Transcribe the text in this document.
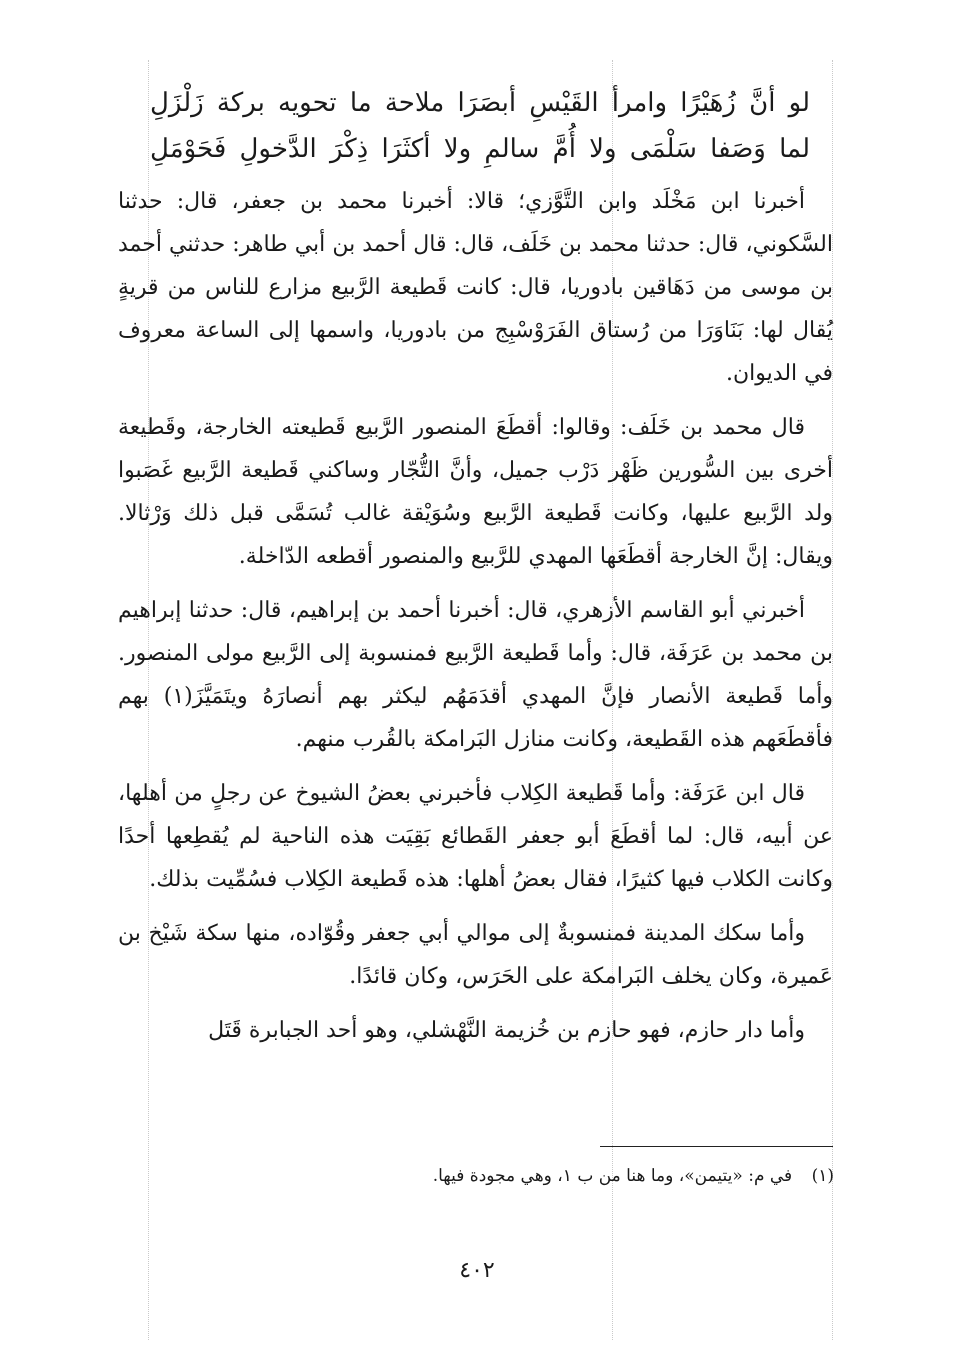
لو أنَّ زُهَيْرًا وامرأ القَيْسِ أبصَرَا ملاحة ما تحويه بركة زَلْزَلِ
لما وَصَفا سَلْمَى ولا أُمَّ سالمِ ولا أكثَرَا ذِكْرَ الدَّخولِ فَحَوْمَلِ

أخبرنا ابن مَخْلَد وابن التَّوَّزي؛ قالا: أخبرنا محمد بن جعفر، قال: حدثنا السَّكوني، قال: حدثنا محمد بن خَلَف، قال: قال أحمد بن أبي طاهر: حدثني أحمد بن موسى من دَهَاقين بادوريا، قال: كانت قَطيعة الرَّبيع مزارع للناس من قريةٍ يُقال لها: بَنَاوَرَا من رُستاق الفَرَوْسْبِج من بادوريا، واسمها إلى الساعة معروف في الديوان.

قال محمد بن خَلَف: وقالوا: أقطَعَ المنصور الرَّبيع قَطيعته الخارجة، وقَطيعة أخرى بين السُّورين ظَهْر دَرْب جميل، وأنَّ التُّجّار وساكني قَطيعة الرَّبيع غَصَبوا ولد الرَّبيع عليها، وكانت قَطيعة الرَّبيع وسُوَيْقة غالب تُسَمَّى قبل ذلك وَرْثالا. ويقال: إنَّ الخارجة أقطَعَها المهدي للرَّبيع والمنصور أقطعه الدّاخلة.

أخبرني أبو القاسم الأزهري، قال: أخبرنا أحمد بن إبراهيم، قال: حدثنا إبراهيم بن محمد بن عَرَفَة، قال: وأما قَطيعة الرَّبيع فمنسوبة إلى الرَّبيع مولى المنصور. وأما قَطيعة الأنصار فإنَّ المهدي أقدَمَهُم ليكثر بهم أنصارَهُ ويتَمَيَّزَ(١) بهم فأقطَعَهم هذه القَطيعة، وكانت منازل البَرامكة بالقُرب منهم.

قال ابن عَرَفَة: وأما قَطيعة الكِلاب فأخبرني بعضُ الشيوخ عن رجلٍ من أهلها، عن أبيه، قال: لما أقطَعَ أبو جعفر القَطائع بَقِيَت هذه الناحية لم يُقطِعها أحدًا وكانت الكلاب فيها كثيرًا، فقال بعضُ أهلها: هذه قَطيعة الكِلاب فسُمِّيت بذلك.

وأما سكك المدينة فمنسوبةٌ إلى موالي أبي جعفر وقُوّاده، منها سكة شَيْخ بن عَميرة، وكان يخلف البَرامكة على الحَرَس، وكان قائدًا.

وأما دار حازم، فهو حازم بن خُزيمة النَّهْشلي، وهو أحد الجبابرة قَتَل

(١) في م: «يتيمن»، وما هنا من ب ١، وهي مجودة فيها.
٤٠٢
